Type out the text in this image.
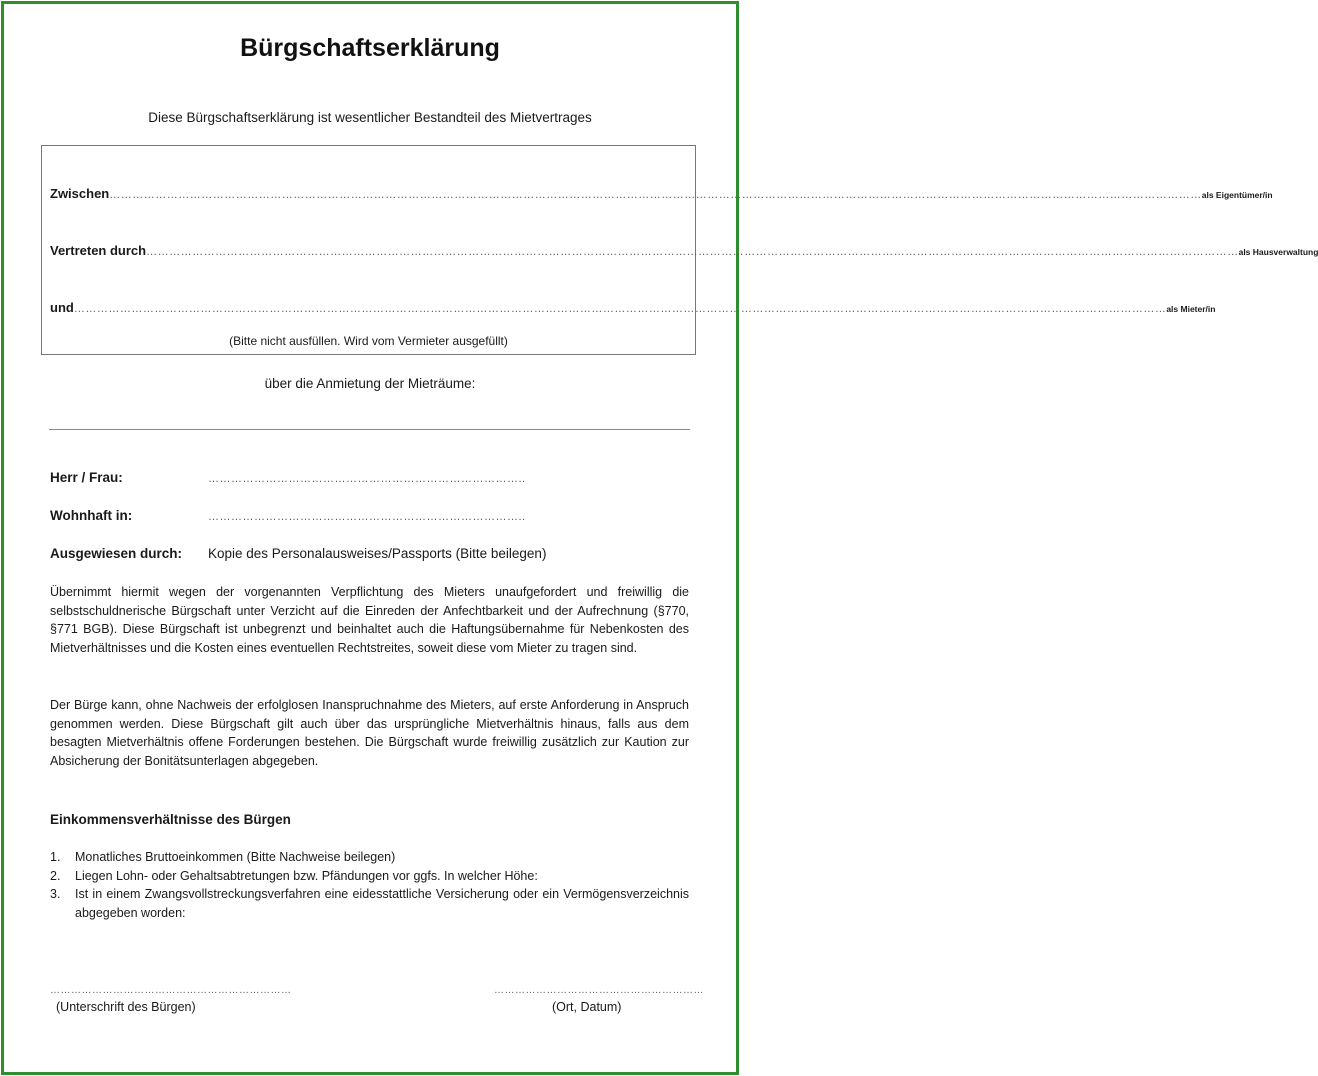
Bürgschaftserklärung
Diese Bürgschaftserklärung ist wesentlicher Bestandteil des Mietvertrages
Zwischen …………………………………………………………………………………………………………………………………………………………………………………………………………………………………………………………… als Eigentümer/in
Vertreten durch …………………………………………………………………………………………………………………………………………………………………………………………………………………………………………………………… als Hausverwaltung
und …………………………………………………………………………………………………………………………………………………………………………………………………………………………………………………………… als Mieter/in
(Bitte nicht ausfüllen. Wird vom Vermieter ausgefüllt)
über die Anmietung der Mieträume:
Herr / Frau:	………………………………………………………………………..
Wohnhaft in:	………………………………………………………………………..
Ausgewiesen durch: Kopie des Personalausweises/Passports (Bitte beilegen)
Übernimmt hiermit wegen der vorgenannten Verpflichtung des Mieters unaufgefordert und freiwillig die selbstschuldnerische Bürgschaft unter Verzicht auf die Einreden der Anfechtbarkeit und der Aufrechnung (§770, §771 BGB). Diese Bürgschaft ist unbegrenzt und beinhaltet auch die Haftungsübernahme für Nebenkosten des Mietverhältnisses und die Kosten eines eventuellen Rechtstreites, soweit diese vom Mieter zu tragen sind.
Der Bürge kann, ohne Nachweis der erfolglosen Inanspruchnahme des Mieters, auf erste Anforderung in Anspruch genommen werden. Diese Bürgschaft gilt auch über das ursprüngliche Mietverhältnis hinaus, falls aus dem besagten Mietverhältnis offene Forderungen bestehen. Die Bürgschaft wurde freiwillig zusätzlich zur Kaution zur Absicherung der Bonitätsunterlagen abgegeben.
Einkommensverhältnisse des Bürgen
1.	Monatliches Bruttoeinkommen (Bitte Nachweise beilegen)
2.	Liegen Lohn- oder Gehaltsabtretungen bzw. Pfändungen vor ggfs. In welcher Höhe:
3.	Ist in einem Zwangsvollstreckungsverfahren eine eidesstattliche Versicherung oder ein Vermögensverzeichnis abgegeben worden:
……………………………………………………………	……………………………………………………
(Unterschrift des Bürgen)	(Ort, Datum)
